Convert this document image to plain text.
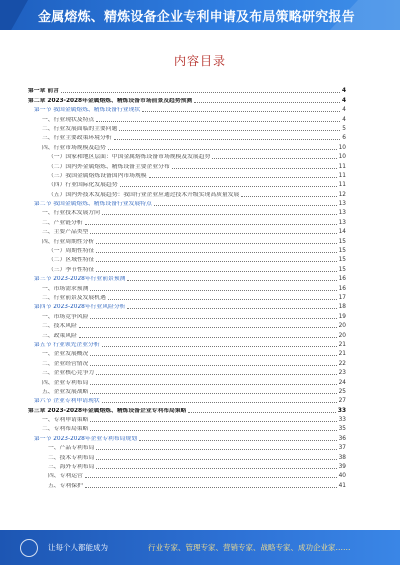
金属熔炼、精炼设备企业专利申请及布局策略研究报告
内容目录
第一章 前言	4
第二章 2023-2028年金属熔炼、精炼设备市场前景及趋势预测	4
第一节 我国金属熔炼、精炼设备行业现状	4
一、行业现状及特点	4
二、行业发展面临的主要问题	5
三、行业主要政策环境分析	6
四、行业市场规模及趋势	10
（一）国家和地区层面：中国金属熔炼设备市场规模及发展趋势	10
（二）国内外金属熔炼、精炼设备主要企业分布	11
（三）我国金属熔炼设备国内市场规模	11
（四）行业国际化发展趋势	11
（五）国内外技术发展趋势：我国行业企业应通过技术升级实现高质量发展	12
第二节 我国金属熔炼、精炼设备行业发展特点	13
一、行业技术发展方向	13
二、产业链分析	13
三、主要产品类型	14
四、行业周期性分析	15
（一）周期性特征	15
（二）区域性特征	15
（三）季节性特征	15
第三节 2023-2028年行业前景预测	16
一、市场需求预测	16
二、行业前景及发展机遇	17
第四节 2023-2028年行业风险分析	18
一、市场竞争风险	19
二、技术风险	20
三、政策风险	20
第五节 行业领先企业分析	21
一、企业发展概况	21
二、企业经营情况	22
三、企业核心竞争力	23
四、企业专利布局	24
五、企业发展战略	25
第六节 企业专利申请现状	27
第三章 2023-2028年金属熔炼、精炼设备企业专利布局策略	33
一、专利申请策略	33
二、专利布局策略	35
第一节 2023-2028年企业专利布局规划	36
一、产品专利布局	37
二、技术专利布局	38
三、海外专利布局	39
四、专利运营	40
五、专利保护	41
让每个人都能成为	行业专家、管理专家、营销专家、战略专家、成功企业家……
